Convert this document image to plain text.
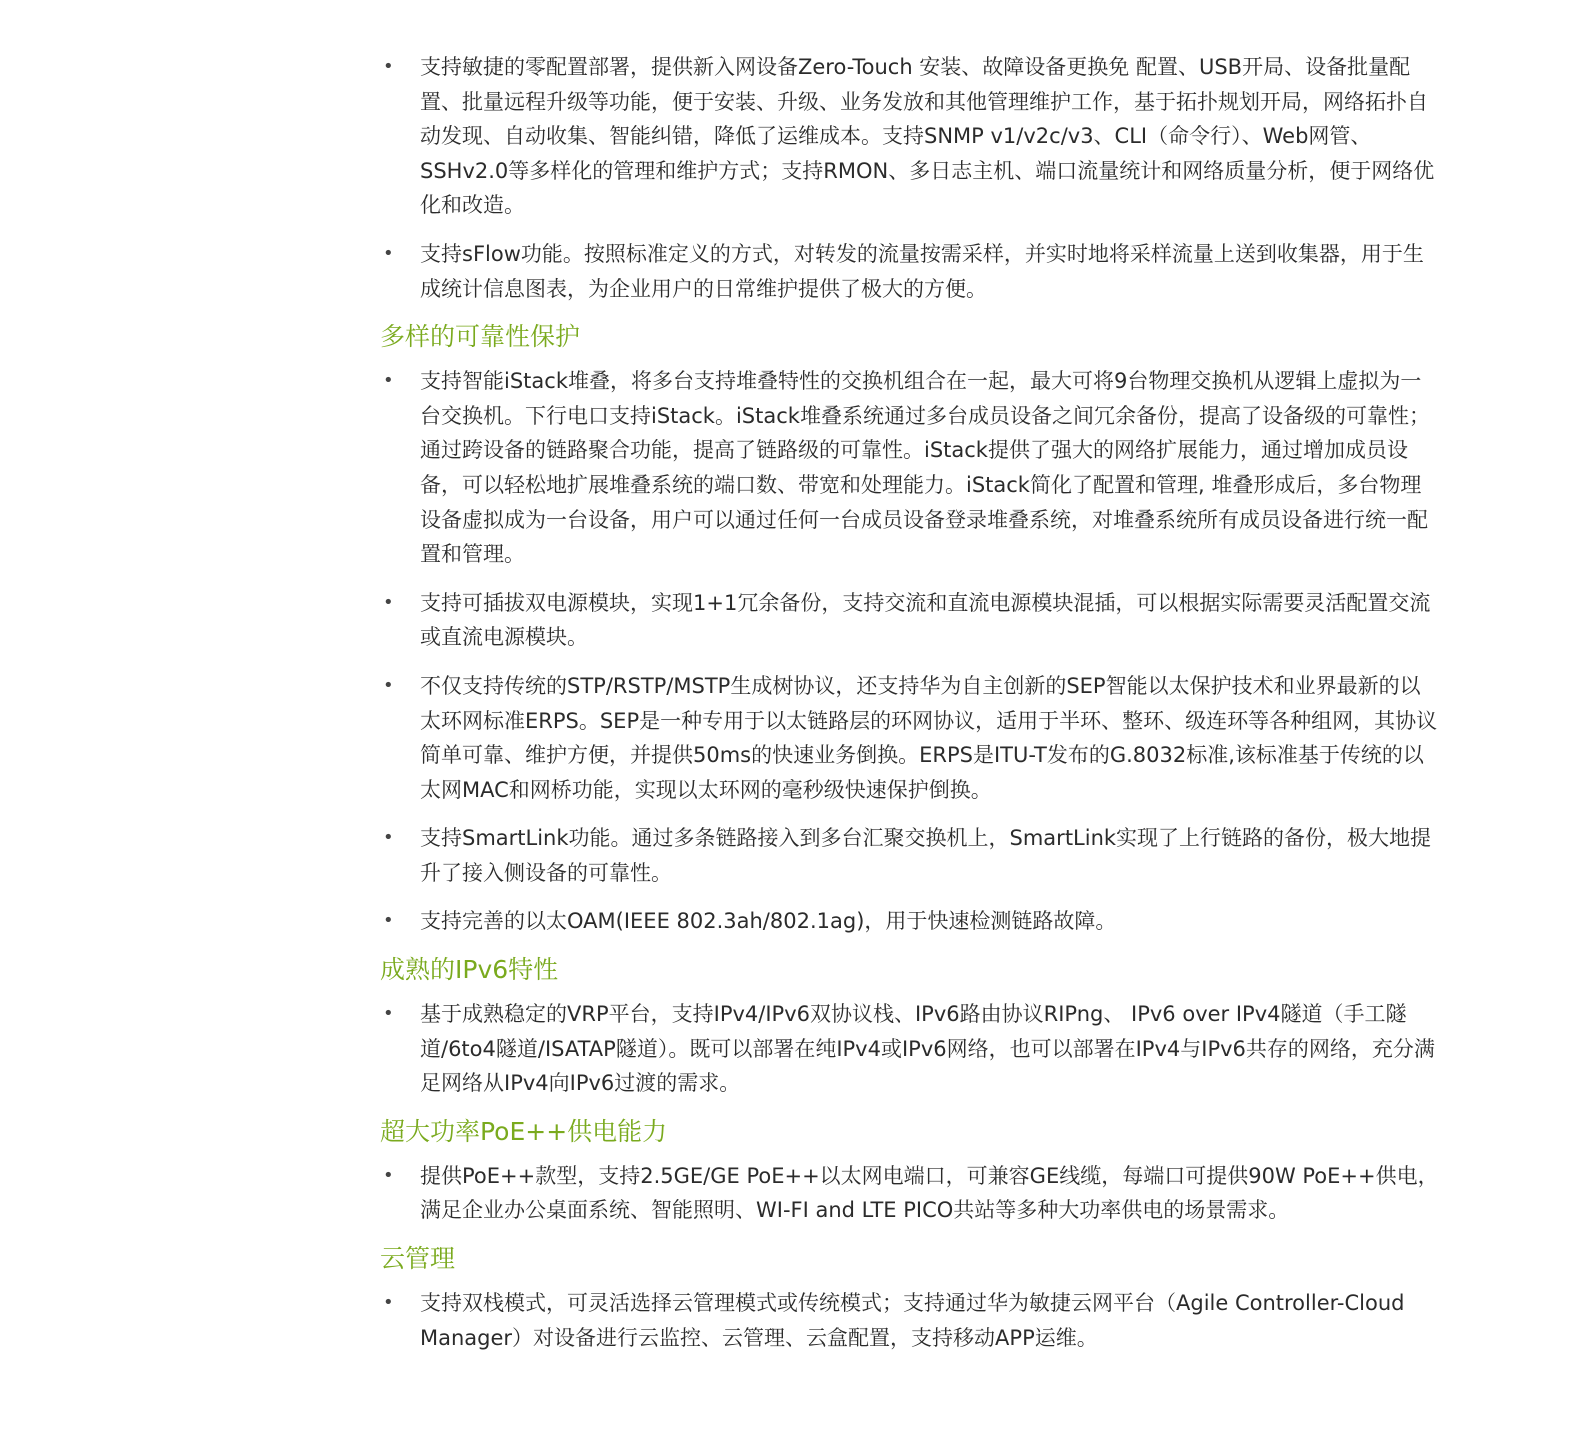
• 支持敏捷的零配置部署，提供新入网设备Zero-Touch 安装、故障设备更换免 配置、USB开局、设备批量配置、批量远程升级等功能，便于安装、升级、业务发放和其他管理维护工作，基于拓扑规划开局，网络拓扑自动发现、自动收集、智能纠错，降低了运维成本。支持SNMP v1/v2c/v3、CLI（命令行）、Web网管、SSHv2.0等多样化的管理和维护方式；支持RMON、多日志主机、端口流量统计和网络质量分析，便于网络优化和改造。
• 支持sFlow功能。按照标准定义的方式，对转发的流量按需采样，并实时地将采样流量上送到收集器，用于生成统计信息图表，为企业用户的日常维护提供了极大的方便。
多样的可靠性保护
• 支持智能iStack堆叠，将多台支持堆叠特性的交换机组合在一起，最大可将9台物理交换机从逻辑上虚拟为一台交换机。下行电口支持iStack。iStack堆叠系统通过多台成员设备之间冗余备份，提高了设备级的可靠性；通过跨设备的链路聚合功能，提高了链路级的可靠性。iStack提供了强大的网络扩展能力，通过增加成员设备，可以轻松地扩展堆叠系统的端口数、带宽和处理能力。iStack简化了配置和管理, 堆叠形成后，多台物理设备虚拟成为一台设备，用户可以通过任何一台成员设备登录堆叠系统，对堆叠系统所有成员设备进行统一配置和管理。
• 支持可插拔双电源模块，实现1+1冗余备份，支持交流和直流电源模块混插，可以根据实际需要灵活配置交流或直流电源模块。
• 不仅支持传统的STP/RSTP/MSTP生成树协议，还支持华为自主创新的SEP智能以太保护技术和业界最新的以太环网标准ERPS。SEP是一种专用于以太链路层的环网协议，适用于半环、整环、级连环等各种组网，其协议简单可靠、维护方便，并提供50ms的快速业务倒换。ERPS是ITU-T发布的G.8032标准,该标准基于传统的以太网MAC和网桥功能，实现以太环网的毫秒级快速保护倒换。
• 支持SmartLink功能。通过多条链路接入到多台汇聚交换机上，SmartLink实现了上行链路的备份，极大地提升了接入侧设备的可靠性。
• 支持完善的以太OAM(IEEE 802.3ah/802.1ag)，用于快速检测链路故障。
成熟的IPv6特性
• 基于成熟稳定的VRP平台，支持IPv4/IPv6双协议栈、IPv6路由协议RIPng、 IPv6 over IPv4隧道（手工隧道/6to4隧道/ISATAP隧道）。既可以部署在纯IPv4或IPv6网络，也可以部署在IPv4与IPv6共存的网络，充分满足网络从IPv4向IPv6过渡的需求。
超大功率PoE++供电能力
• 提供PoE++款型，支持2.5GE/GE PoE++以太网电端口，可兼容GE线缆，每端口可提供90W PoE++供电，满足企业办公桌面系统、智能照明、WI-FI and LTE PICO共站等多种大功率供电的场景需求。
云管理
• 支持双栈模式，可灵活选择云管理模式或传统模式；支持通过华为敏捷云网平台（Agile Controller-Cloud Manager）对设备进行云监控、云管理、云盒配置，支持移动APP运维。
